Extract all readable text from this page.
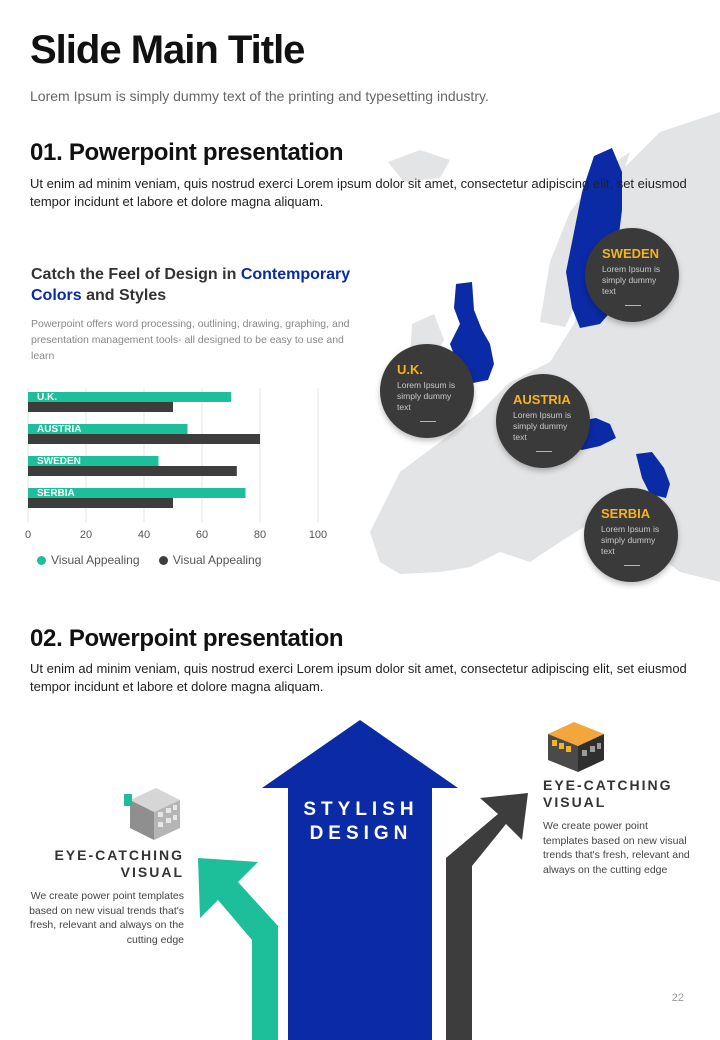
Slide Main Title
Lorem Ipsum is simply dummy text of the printing and typesetting industry.
SWEDEN
Lorem Ipsum is simply dummy text
U.K.
Lorem Ipsum is simply dummy text	AUSTRIA
Lorem Ipsum is simply dummy text
SERBIA
Lorem Ipsum is simply dummy text
01. Powerpoint presentation
Ut enim ad minim veniam, quis nostrud exerci Lorem ipsum dolor sit amet, consectetur adipiscing elit, set eiusmod tempor incidunt et labore et dolore magna aliquam.
Catch the Feel of Design in Contemporary
Colors and Styles
Powerpoint offers word processing, outlining, drawing, graphing, and presentation management tools- all designed to be easy to use and learn
0	20	40	60	80	100
U.K.
AUSTRIA
SWEDEN
SERBIA
Visual Appealing	Visual Appealing
02. Powerpoint presentation
Ut enim ad minim veniam, quis nostrud exerci Lorem ipsum dolor sit amet, consectetur adipiscing elit, set eiusmod tempor incidunt et labore et dolore magna aliquam.
STYLISH
DESIGN
EYE-CATCHING
VISUAL
We create power point templates based on new visual trends that's fresh, relevant and always on the cutting edge
EYE-CATCHING
VISUAL
We create power point templates based on new visual trends that's fresh, relevant and always on the cutting edge
22
